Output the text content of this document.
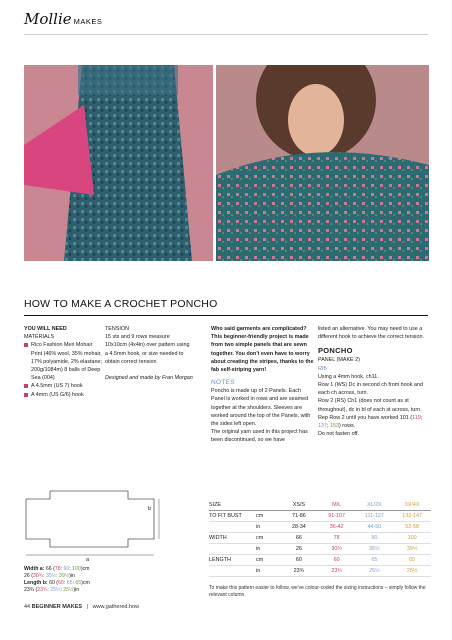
Mollie MAKES
HOW TO MAKE A CROCHET PONCHO
YOU WILL NEED
MATERIALS
Rico Fashion Meri Mohair Print (46% wool, 35% mohair, 17% polyamide, 2% elastane; 200g/1084m) 8 balls of Deep Sea (004)
A 4.5mm (US 7) hook
A 4mm (US G/6) hook
TENSION
15 sts and 9 rows measure 10x10cm (4x4in) over pattern using a 4.5mm hook, or size needed to obtain correct tension
Designed and made by Fran Morgan
Who said garments are complicated? This beginner-friendly project is made from two simple panels that are sewn together. You don't even have to worry about creating the stripes, thanks to the fab self-striping yarn!
NOTES
Poncho is made up of 2 Panels. Each Panel is worked in rows and are seamed together at the shoulders. Sleeves are worked around the top of the Panels, with the sides left open.
The original yarn used in this project has been discontinued, so we have
listed an alternative. You may need to use a different hook to achieve the correct tension.
PONCHO
PANEL (MAKE 2)
RIB
Using a 4mm hook, ch11.
Row 1 (WS) Dc in second ch from hook and each ch across, turn.
Row 2 (RS) Ch1 (does not count as st throughout), dc in bl of each st across, turn.
Rep Row 2 until you have worked 101 (119; 137; 153) rows.
Do not fasten off.
a
b
Width a: 66 (78: 90: 100)cm
26 (30¾: 35½: 39½)in
Length b: 60 (60: 65: 65)cm
23¾ (23¾: 25½: 25½)in
SIZE	XS/S	M/L	XL/2X	3X/4X
TO FIT BUST	cm	71-86	91-107	111-127	132-147
in	28-34	36-42	44-50	52-58
WIDTH	cm	66	78	90	100
in	26	30¾	35½	39½
LENGTH	cm	60	60	65	65
in	23¾	23¾	25½	25½
To make this pattern easier to follow, we've colour-coded the sizing instructions – simply follow the relevant column.
44 BEGINNER MAKES | www.gathered.how
